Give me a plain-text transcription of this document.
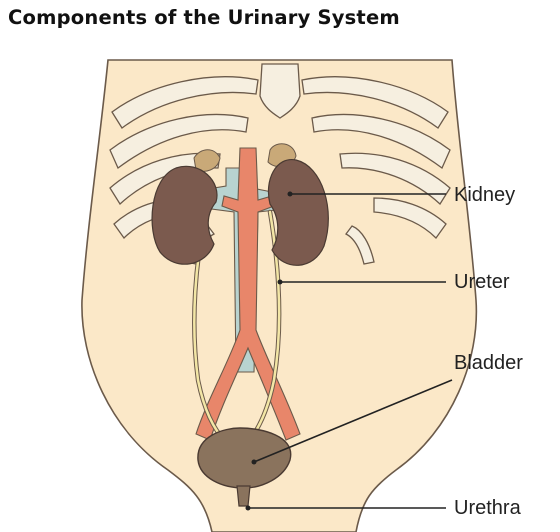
Components of the Urinary System
Kidney
Ureter
Bladder
Urethra
